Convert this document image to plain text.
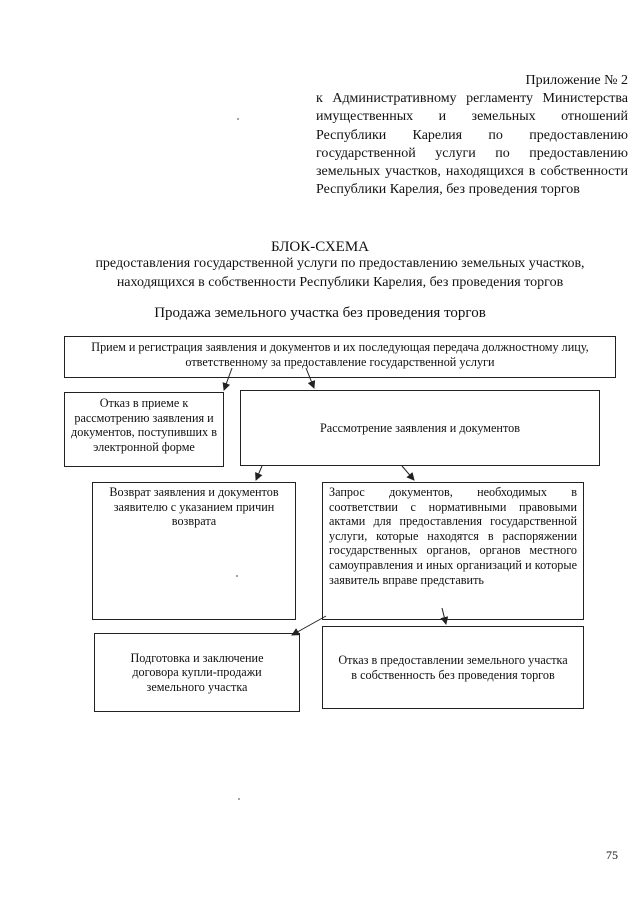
Приложение № 2
к Административному регламенту Министерства имущественных и земельных отношений Республики Карелия по предоставлению государственной услуги по предоставлению земельных участков, находящихся в собственности Республики Карелия, без проведения торгов
БЛОК-СХЕМА
предоставления государственной услуги по предоставлению земельных участков, находящихся в собственности Республики Карелия, без проведения торгов
Продажа земельного участка без проведения торгов
Прием и регистрация заявления и документов и их последующая передача должностному лицу, ответственному за предоставление государственной услуги
Отказ в приеме к рассмотрению заявления и документов, поступивших в электронной форме
Рассмотрение заявления и документов
Возврат заявления и документов заявителю с указанием причин возврата
Запрос документов, необходимых в соответствии с нормативными правовыми актами для предоставления государственной услуги, которые находятся в распоряжении государственных органов, органов местного самоуправления и иных организаций и которые заявитель вправе представить
Подготовка и заключение договора купли-продажи земельного участка
Отказ в предоставлении земельного участка в собственность без проведения торгов
75
